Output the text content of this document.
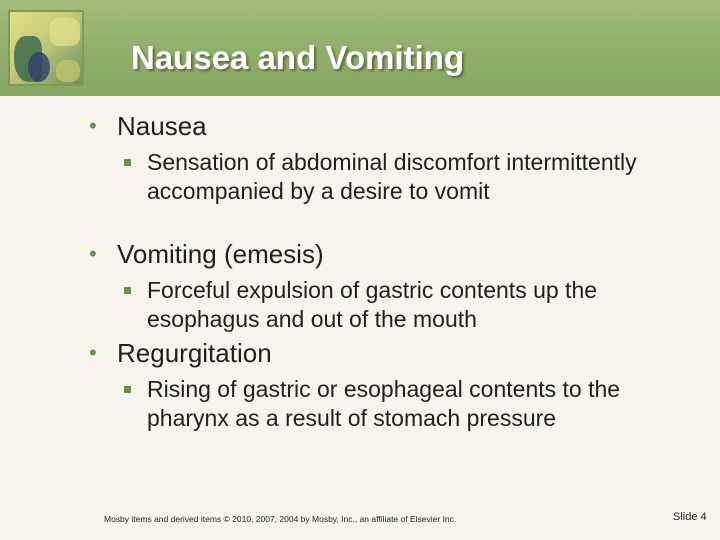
Nausea and Vomiting
• Nausea
Sensation of abdominal discomfort intermittently accompanied by a desire to vomit
• Vomiting (emesis)
Forceful expulsion of gastric contents up the esophagus and out of the mouth
• Regurgitation
Rising of gastric or esophageal contents to the pharynx as a result of stomach pressure
Mosby items and derived items © 2010, 2007, 2004 by Mosby, Inc., an affiliate of Elsevier Inc.	Slide 4
